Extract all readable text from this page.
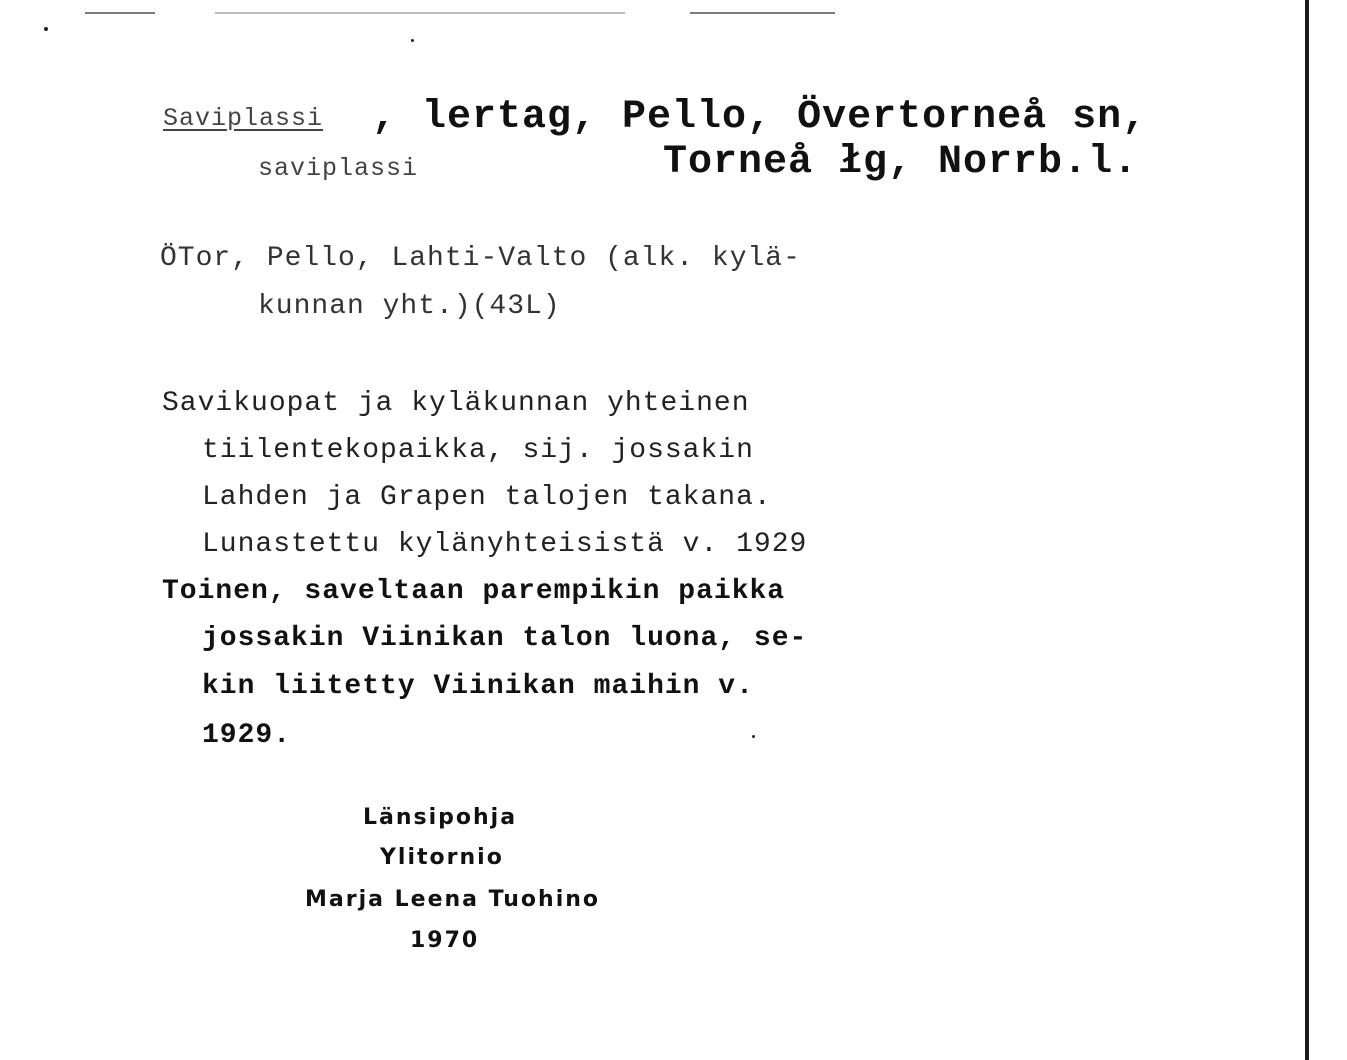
Saviplassi , lertag, Pello, Övertorneå sn,
saviplassi	Torneå łg, Norrb.l.
ÖTor, Pello, Lahti-Valto (alk. kylä-
kunnan yht.)(43L)
Savikuopat ja kyläkunnan yhteinen
tiilentekopaikka, sij. jossakin
Lahden ja Grapen talojen takana.
Lunastettu kylänyhteisistä v. 1929
Toinen, saveltaan parempikin paikka
jossakin Viinikan talon luona, se-
kin liitetty Viinikan maihin v.
1929.
Länsipohja
Ylitornio
Marja Leena Tuohino
1970
